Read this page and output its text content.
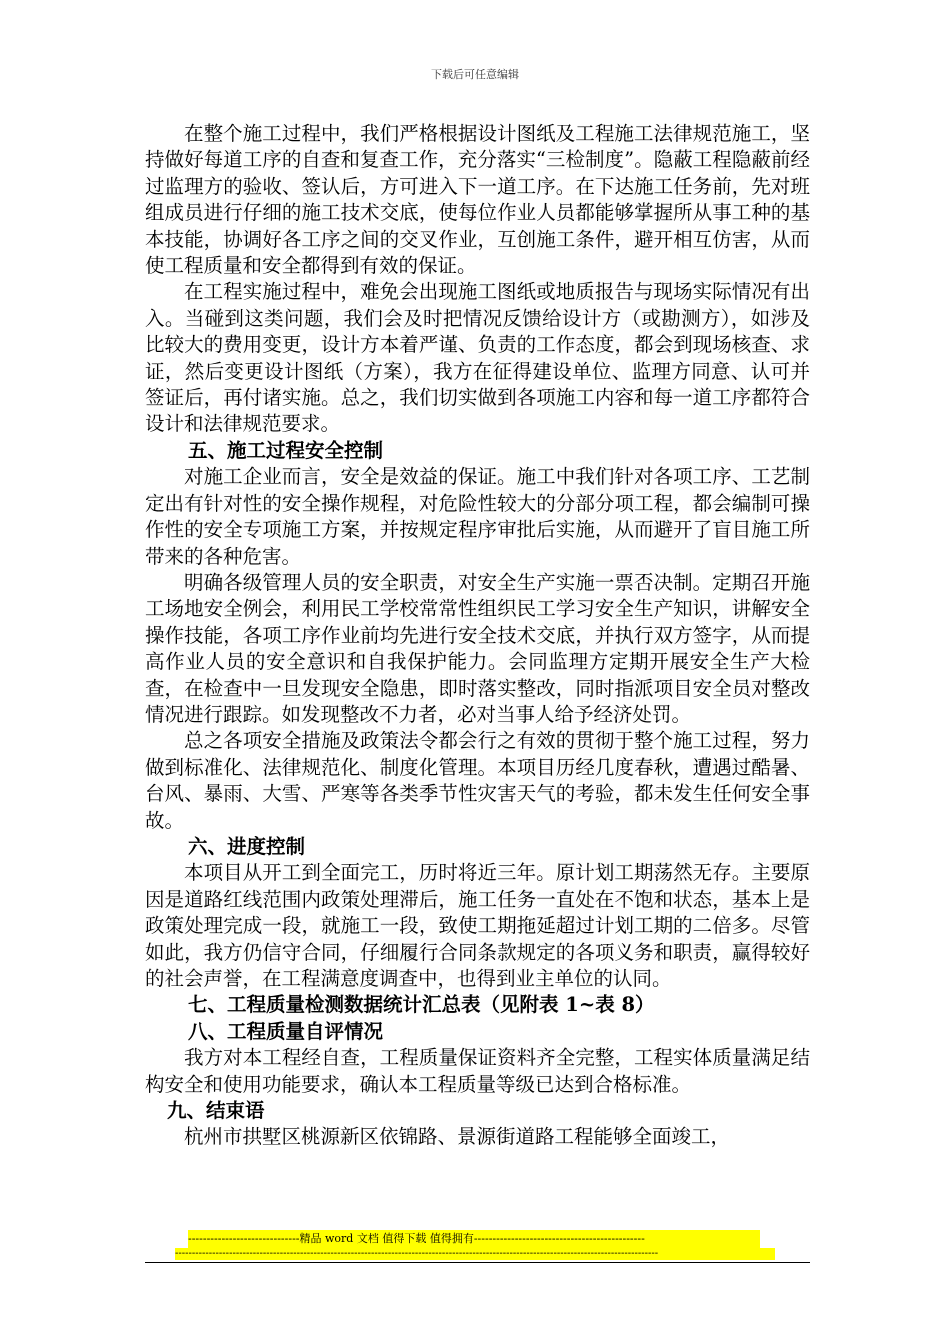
下载后可任意编辑

在整个施工过程中，我们严格根据设计图纸及工程施工法律规范施工，坚持做好每道工序的自查和复查工作，充分落实“三检制度”。隐蔽工程隐蔽前经过监理方的验收、签认后，方可进入下一道工序。在下达施工任务前，先对班组成员进行仔细的施工技术交底，使每位作业人员都能够掌握所从事工种的基本技能，协调好各工序之间的交叉作业，互创施工条件，避开相互仿害，从而使工程质量和安全都得到有效的保证。

在工程实施过程中，难免会出现施工图纸或地质报告与现场实际情况有出入。当碰到这类问题，我们会及时把情况反馈给设计方（或勘测方），如涉及比较大的费用变更，设计方本着严谨、负责的工作态度，都会到现场核查、求证，然后变更设计图纸（方案），我方在征得建设单位、监理方同意、认可并签证后，再付诸实施。总之，我们切实做到各项施工内容和每一道工序都符合设计和法律规范要求。

五、施工过程安全控制

对施工企业而言，安全是效益的保证。施工中我们针对各项工序、工艺制定出有针对性的安全操作规程，对危险性较大的分部分项工程，都会编制可操作性的安全专项施工方案，并按规定程序审批后实施，从而避开了盲目施工所带来的各种危害。

明确各级管理人员的安全职责，对安全生产实施一票否决制。定期召开施工场地安全例会，利用民工学校常常性组织民工学习安全生产知识，讲解安全操作技能，各项工序作业前均先进行安全技术交底，并执行双方签字，从而提高作业人员的安全意识和自我保护能力。会同监理方定期开展安全生产大检查，在检查中一旦发现安全隐患，即时落实整改，同时指派项目安全员对整改情况进行跟踪。如发现整改不力者，必对当事人给予经济处罚。

总之各项安全措施及政策法令都会行之有效的贯彻于整个施工过程，努力做到标准化、法律规范化、制度化管理。本项目历经几度春秋，遭遇过酷暑、台风、暴雨、大雪、严寒等各类季节性灾害天气的考验，都未发生任何安全事故。

六、进度控制

本项目从开工到全面完工，历时将近三年。原计划工期荡然无存。主要原因是道路红线范围内政策处理滞后，施工任务一直处在不饱和状态，基本上是政策处理完成一段，就施工一段，致使工期拖延超过计划工期的二倍多。尽管如此，我方仍信守合同，仔细履行合同条款规定的各项义务和职责，赢得较好的社会声誉，在工程满意度调查中，也得到业主单位的认同。

七、工程质量检测数据统计汇总表（见附表 1~表 8）
八、工程质量自评情况

我方对本工程经自查，工程质量保证资料齐全完整，工程实体质量满足结构安全和使用功能要求，确认本工程质量等级已达到合格标准。

九、结束语

杭州市拱墅区桃源新区依锦路、景源街道路工程能够全面竣工，

------------------------------精品 word 文档 值得下载 值得拥有----------------------------------------------
-----------------------------------------------------------------------------------------------------------------------------------------------
